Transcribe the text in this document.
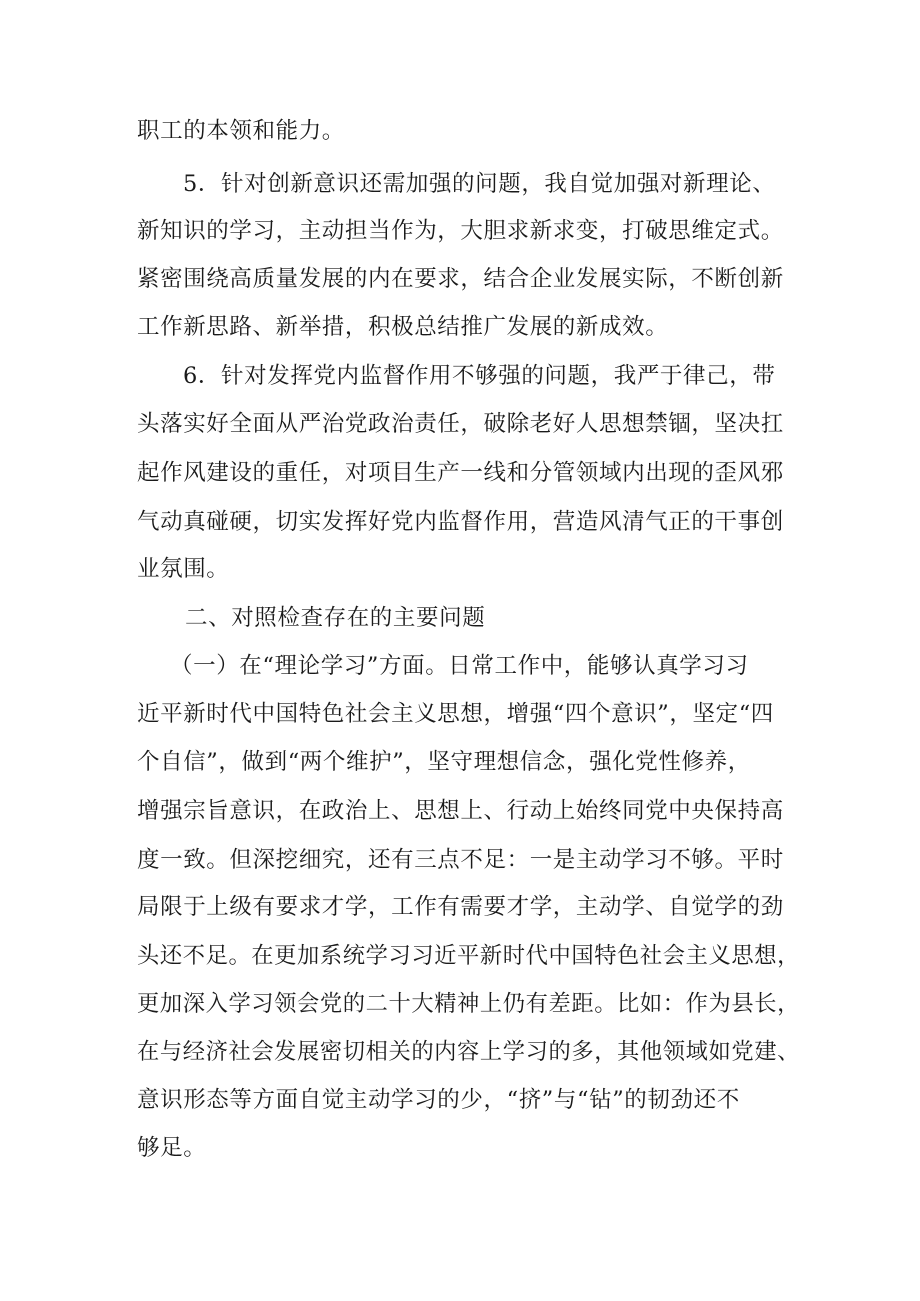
职工的本领和能力。
5．针对创新意识还需加强的问题，我自觉加强对新理论、
新知识的学习，主动担当作为，大胆求新求变，打破思维定式。
紧密围绕高质量发展的内在要求，结合企业发展实际，不断创新
工作新思路、新举措，积极总结推广发展的新成效。
6．针对发挥党内监督作用不够强的问题，我严于律己，带
头落实好全面从严治党政治责任，破除老好人思想禁锢，坚决扛
起作风建设的重任，对项目生产一线和分管领域内出现的歪风邪
气动真碰硬，切实发挥好党内监督作用，营造风清气正的干事创
业氛围。
二、对照检查存在的主要问题
（一）在“理论学习”方面。日常工作中，能够认真学习习
近平新时代中国特色社会主义思想，增强“四个意识”，坚定“四
个自信”，做到“两个维护”，坚守理想信念，强化党性修养，
增强宗旨意识，在政治上、思想上、行动上始终同党中央保持高
度一致。但深挖细究，还有三点不足：一是主动学习不够。平时
局限于上级有要求才学，工作有需要才学，主动学、自觉学的劲
头还不足。在更加系统学习习近平新时代中国特色社会主义思想，
更加深入学习领会党的二十大精神上仍有差距。比如：作为县长，
在与经济社会发展密切相关的内容上学习的多，其他领域如党建、
意识形态等方面自觉主动学习的少，“挤”与“钻”的韧劲还不
够足。
